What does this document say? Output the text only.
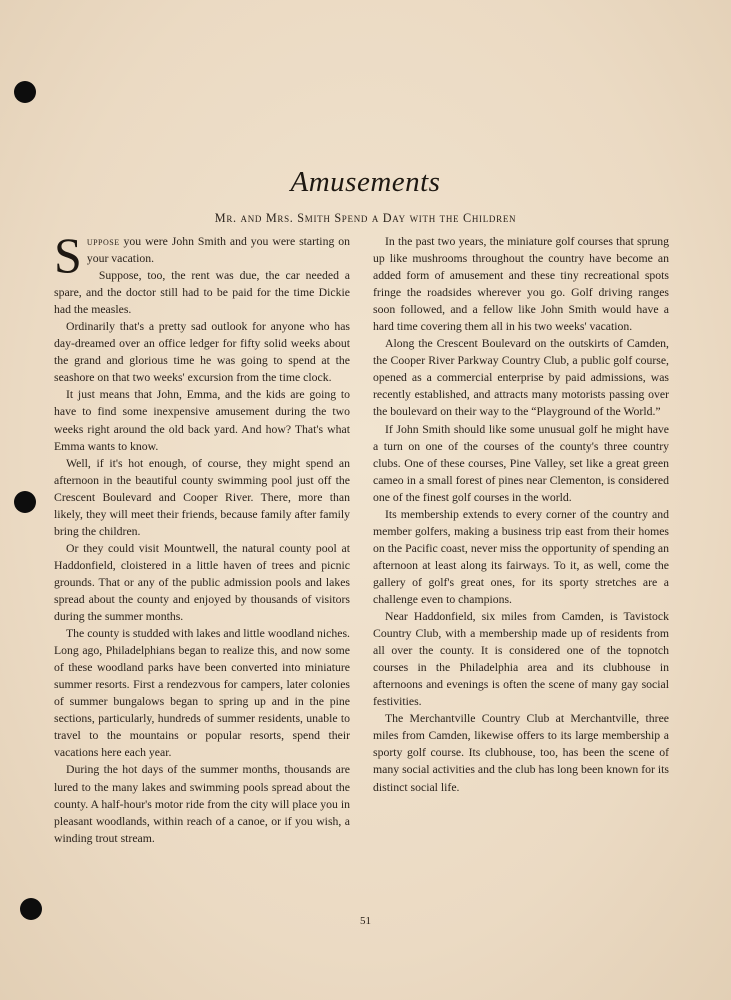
Amusements
Mr. and Mrs. Smith Spend a Day with the Children

Suppose you were John Smith and you were starting on your vacation.

Suppose, too, the rent was due, the car needed a spare, and the doctor still had to be paid for the time Dickie had the measles.

Ordinarily that's a pretty sad outlook for anyone who has day-dreamed over an office ledger for fifty solid weeks about the grand and glorious time he was going to spend at the seashore on that two weeks' excursion from the time clock.

It just means that John, Emma, and the kids are going to have to find some inexpensive amusement during the two weeks right around the old back yard. And how? That's what Emma wants to know.

Well, if it's hot enough, of course, they might spend an afternoon in the beautiful county swimming pool just off the Crescent Boulevard and Cooper River. There, more than likely, they will meet their friends, because family after family bring the children.

Or they could visit Mountwell, the natural county pool at Haddonfield, cloistered in a little haven of trees and picnic grounds. That or any of the public admission pools and lakes spread about the county and enjoyed by thousands of visitors during the summer months.

The county is studded with lakes and little woodland niches. Long ago, Philadelphians began to realize this, and now some of these woodland parks have been converted into miniature summer resorts. First a rendezvous for campers, later colonies of summer bungalows began to spring up and in the pine sections, particularly, hundreds of summer residents, unable to travel to the mountains or popular resorts, spend their vacations here each year.

During the hot days of the summer months, thousands are lured to the many lakes and swimming pools spread about the county. A half-hour's motor ride from the city will place you in pleasant woodlands, within reach of a canoe, or if you wish, a winding trout stream.

In the past two years, the miniature golf courses that sprung up like mushrooms throughout the country have become an added form of amusement and these tiny recreational spots fringe the roadsides wherever you go. Golf driving ranges soon followed, and a fellow like John Smith would have a hard time covering them all in his two weeks' vacation.

Along the Crescent Boulevard on the outskirts of Camden, the Cooper River Parkway Country Club, a public golf course, opened as a commercial enterprise by paid admissions, was recently established, and attracts many motorists passing over the boulevard on their way to the “Playground of the World.”

If John Smith should like some unusual golf he might have a turn on one of the courses of the county's three country clubs. One of these courses, Pine Valley, set like a great green cameo in a small forest of pines near Clementon, is considered one of the finest golf courses in the world.

Its membership extends to every corner of the country and member golfers, making a business trip east from their homes on the Pacific coast, never miss the opportunity of spending an afternoon at least along its fairways. To it, as well, come the gallery of golf's great ones, for its sporty stretches are a challenge even to champions.

Near Haddonfield, six miles from Camden, is Tavistock Country Club, with a membership made up of residents from all over the county. It is considered one of the topnotch courses in the Philadelphia area and its clubhouse in afternoons and evenings is often the scene of many gay social festivities.

The Merchantville Country Club at Merchantville, three miles from Camden, likewise offers to its large membership a sporty golf course. Its clubhouse, too, has been the scene of many social activities and the club has long been known for its distinct social life.

51
